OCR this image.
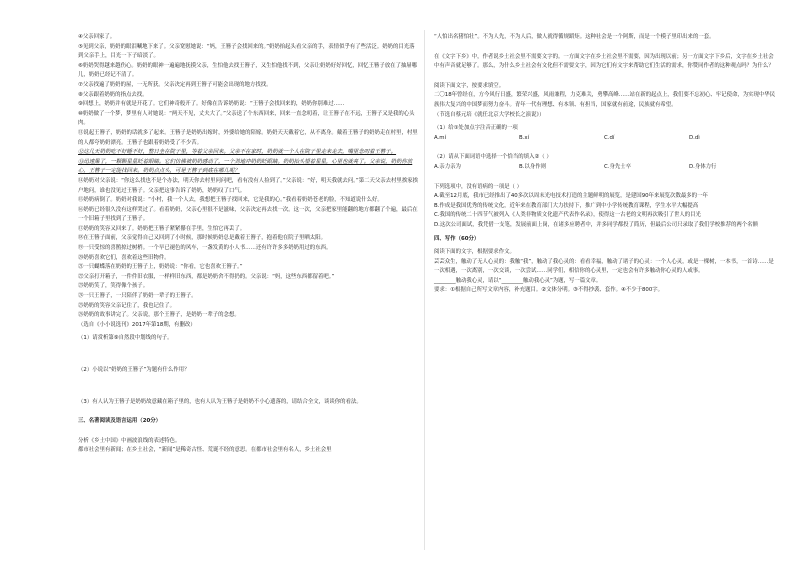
④父亲回家了。

⑤见到父亲，奶奶的眼泪唰地下来了。父亲宽慰她说：“妈，王簪子会找回来的。”奶奶抬起头看父亲的手，表情似乎有了些活泛。奶奶的目光落到父亲手上，目光一下子暗淡了。

⑥奶奶哭得越来越伤心。奶奶的眼神一遍遍地抚摸父亲，生怕他去找王簪子，又生怕他找不到，父亲让奶奶好好回忆，回忆王簪子放在了抽屉哪儿，奶奶已经记不清了。

⑦父亲找遍了奶奶的屋，一无所获。父亲决定再到王簪子可能会出现的地方找找。

⑧父亲跟着奶奶的指点去找。

⑨回想上，奶奶并有就是开花了。它们神奇般开了。好像在告诉奶奶说：“王簪子会找回来的，奶奶你别难过……

⑩奶奶做了一个梦，梦里有人对她说：“两天不见，丈夫大了。”父亲送了个东西回来，回来一直念叨着，让王簪子在不远，王簪子又是我的心头肉。

⑪说起王簪子，奶奶的话就多了起来。王簪子是奶奶出嫁时，外婆给她的陪嫁。奶奶天天戴着它，从不离身。戴着王簪子的奶奶走在村里，村里的人都夸奶奶漂亮。王簪子也跟着奶奶受了不少苦。

⑫这几天奶奶吃不好睡不好，整日坐在院子里，等着父亲回来。父亲不在家时，奶奶就一个人在院子里走来走去，嘴里念叨着王簪子。

⑬迅速黑了，一颗颗星星眨着眼睛。它们仿佛被奶奶感动了，一个劲地冲奶奶眨眼睛。奶奶抬头望着星星，心里也就亮了。父亲说，奶奶你放心，王簪子一定能找回来。奶奶点点头，可是王簪子到底在哪儿呢？

⑭奶奶对父亲说：“你这么找也不是个办法，明天你去村里问问吧，看有没有人捡到了。”父亲说：“好，明天我就去问。”第二天父亲去村里挨家挨户地问，谁也没见过王簪子。父亲把这事告诉了奶奶，奶奶叹了口气。

⑮奶奶病倒了。奶奶对我说：“小村，我一个人去，我想把王簪子找回来，它是我的心。”我看着奶奶苍老的脸，不知道说什么好。

⑯奶奶已经很久没有这样哭过了。看着奶奶，父亲心里很不是滋味，父亲决定再去找一次。这一次，父亲把家里能翻的地方都翻了个遍，最后在一个旧箱子里找到了王簪子。

⑰奶奶的笑容又回来了。奶奶把王簪子紧紧攥在手里，生怕它再丢了。

⑱在王簪子面前，父亲觉得自己又回到了小时候，那时候奶奶总是戴着王簪子，抱着他在院子里晒太阳。

⑲一只受惊的喜鹊掠过树梢。一个早已褪色的风车，一盏发黄的小人书……还有许许多多奶奶用过的东西。

⑳奶奶喜欢它们，喜欢着这些旧物件。

㉑一只蝴蝶落在奶奶的王簪子上，奶奶说：“你看，它也喜欢王簪子。”

㉒父亲打开箱子，一件件旧衣服，一样样旧东西，都是奶奶舍不得扔的。父亲说：“妈，这些东西都留着吧。”

㉓奶奶笑了，笑得像个孩子。

㉔一只王簪子，一只陪伴了奶奶一辈子的王簪子。

㉕奶奶的笑容父亲记住了，我也记住了。

㉖奶奶的故事讲完了。父亲说，那个王簪子，是奶奶一辈子的念想。

（选自《小小说选刊》2017年第18期，有删改）

（1）请赏析第⑨自然段中划线的句子。

（2）小说以“奶奶的王簪子”为题有什么作用？

（3）有人认为王簪子是奶奶故意藏在箱子里的，也有人认为王簪子是奶奶不小心遗落的，请结合全文，谈谈你的看法。

三、名著阅读及语言运用（20分）

分析《乡土中国》中画波浪线的表述特色。

都市社会里有新闻；在乡土社会，“新闻”是稀奇古怪、荒诞不经的意思。在都市社会里有名人，乡土社会里

“人怕出名猪怕壮”。不为人先，不为人后，做人就得循规蹈矩。这种社会是一个阿斯，而是一个模子里印出来的一套。

在《文字下乡》中，作者说乡土社会里不需要文字的。一方面文字在乡土社会里不需要，因为出现以前；另一方面文字下乡后，文字在乡土社会中有声音就足够了。那么，为什么乡土社会有文化但不需要文字，因为它们有文字来帮助它们生活的需求，你赞同作者的这种观点吗？为什么？

阅读下面文字，按要求填空。

二〇18年曾经在，方今风行日盛，繁荣兴盛，风雨兼程，力克难关，勇攀高峰……站在新的起点上，我们要不忘初心、牢记使命，为实现中华民族伟大复兴的中国梦而努力奋斗。青年一代有理想、有本领、有担当，国家就有前途，民族就有希望。

（节选自蔡元培《就任北京大学校长之演说》）

（1）给①处加点字注音正确的一项

A.mí	B.xí	C.dí	D.dì

（2）请从下面词语中选择一个恰当的填入②（ ）

A.亲力亲为	B.以身作则	C.身先士卒	D.身体力行

下列选项中，没有语病的一项是（ ）

A.截至12月底，我市已经推出了40多次以周末光电技术打造的主题鲜明的展览，是建国90年来展览次数最多的一年

B.作成是我国优秀的传统文化，近年来在教育部门大力扶持下，推广到中小学传统教育课程，学生水平大幅提高

C.我国的传统二十四节气被列入《人类非物质文化遗产代表作名录》，使得这一古老的文明再次吸引了世人的目光

D.这次公司面试，我凭借一支笔，发展前面上岗，在诸多应聘者中，并多同学都投了简历，但最后公司只录取了我们学校推荐的两个名额

四、写作（60分）

阅读下面的文字，根据要求作文。

芸芸众生，触动了无人心灵的：我触“我”，触动了我心灵的：看看幸福，触动了诸子的心灵：一个人心灵，或是一棵树，一本书，一首诗……是一次相遇，一次离别，一次交谈，一次尝试……同学们，相信你的心灵里，一定也会有许多触动你心灵的人或事。

________触动我心灵，请以“________触动我心灵”为题，写一篇文章。

要求：①根据自己所写文章内容，补充题目。②文体分明。③不得抄袭、套作。④不少于800字。
